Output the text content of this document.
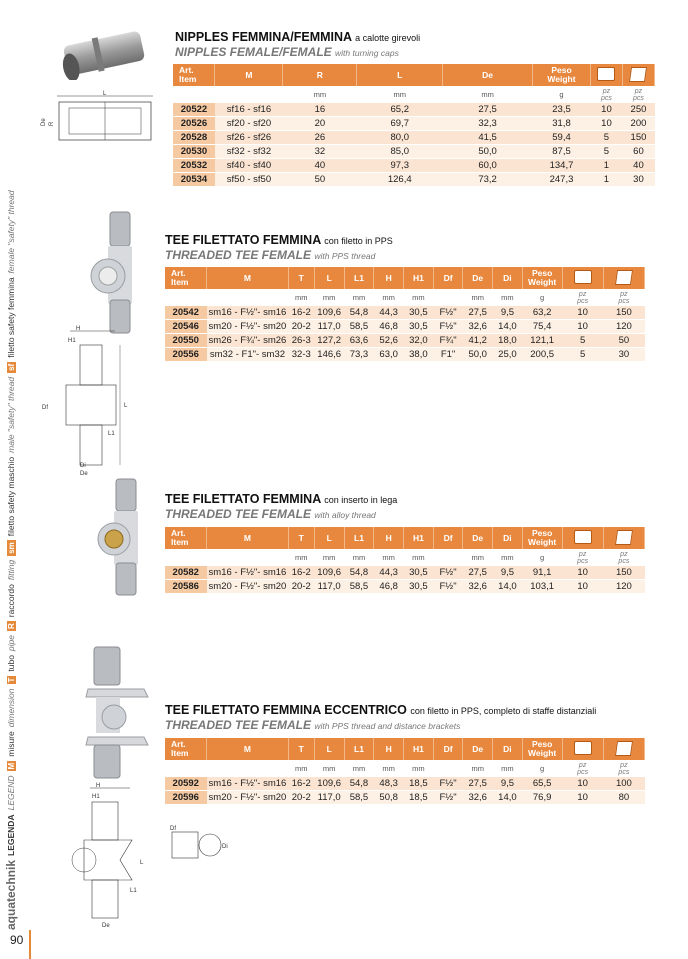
aquatechnik
LEGENDA
LEGEND
M
misure
dimension
T
tubo
pipe
R
raccordo
fitting
sm
filetto safety maschio
male "safety" thread
sf
filetto safety femmina
female "safety" thread
90
L
De R
NIPPLES FEMMINA/FEMMINA a calotte girevoli
NIPPLES FEMALE/FEMALE with turning caps
Art.
Item	M	R	L	De	Peso
Weight		
		mm	mm	mm	g	pz
pcs	pz
pcs
20522	sf16 - sf16	16	65,2	27,5	23,5	10	250
20526	sf20 - sf20	20	69,7	32,3	31,8	10	200
20528	sf26 - sf26	26	80,0	41,5	59,4	5	150
20530	sf32 - sf32	32	85,0	50,0	87,5	5	60
20532	sf40 - sf40	40	97,3	60,0	134,7	1	40
20534	sf50 - sf50	50	126,4	73,2	247,3	1	30
H
H1
L
L1
Df
Di
De
TEE FILETTATO FEMMINA con filetto in PPS
THREADED TEE FEMALE with PPS thread
Art.
Item	M	T	L	L1	H	H1	Df	De	Di	Peso
Weight		
		mm	mm	mm	mm	mm		mm	mm	g	pz
pcs	pz
pcs
20542	sm16 - F½"- sm16	16-2	109,6	54,8	44,3	30,5	F½"	27,5	9,5	63,2	10	150
20546	sm20 - F½"- sm20	20-2	117,0	58,5	46,8	30,5	F½"	32,6	14,0	75,4	10	120
20550	sm26 - F¾"- sm26	26-3	127,2	63,6	52,6	32,0	F¾"	41,2	18,0	121,1	5	50
20556	sm32 - F1"- sm32	32-3	146,6	73,3	63,0	38,0	F1"	50,0	25,0	200,5	5	30
TEE FILETTATO FEMMINA con inserto in lega
THREADED TEE FEMALE with alloy thread
Art.
Item	M	T	L	L1	H	H1	Df	De	Di	Peso
Weight		
		mm	mm	mm	mm	mm		mm	mm	g	pz
pcs	pz
pcs
20582	sm16 - F½"- sm16	16-2	109,6	54,8	44,3	30,5	F½"	27,5	9,5	91,1	10	150
20586	sm20 - F½"- sm20	20-2	117,0	58,5	46,8	30,5	F½"	32,6	14,0	103,1	10	120
H
H1
L
L1
De
Df
Di
TEE FILETTATO FEMMINA ECCENTRICO con filetto in PPS, completo di staffe distanziali
THREADED TEE FEMALE with PPS thread and distance brackets
Art.
Item	M	T	L	L1	H	H1	Df	De	Di	Peso
Weight		
		mm	mm	mm	mm	mm		mm	mm	g	pz
pcs	pz
pcs
20592	sm16 - F½"- sm16	16-2	109,6	54,8	48,3	18,5	F½"	27,5	9,5	65,5	10	100
20596	sm20 - F½"- sm20	20-2	117,0	58,5	50,8	18,5	F½"	32,6	14,0	76,9	10	80
